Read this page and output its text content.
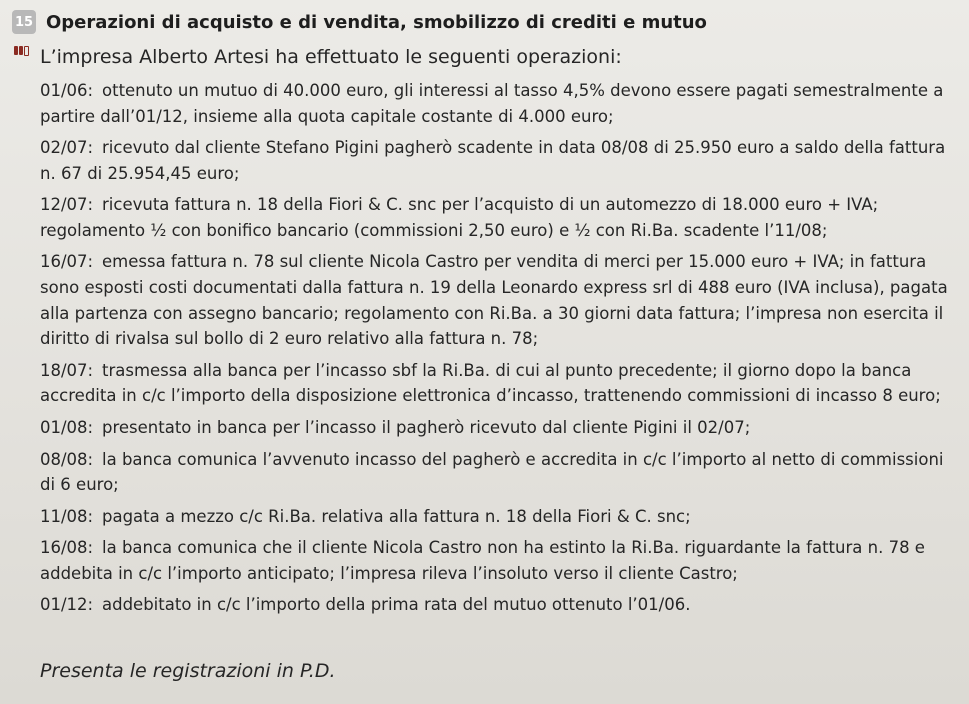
15 Operazioni di acquisto e di vendita, smobilizzo di crediti e mutuo
L’impresa Alberto Artesi ha effettuato le seguenti operazioni:
01/06: ottenuto un mutuo di 40.000 euro, gli interessi al tasso 4,5% devono essere pagati semestralmente a partire dall’01/12, insieme alla quota capitale costante di 4.000 euro;
02/07: ricevuto dal cliente Stefano Pigini pagherò scadente in data 08/08 di 25.950 euro a saldo della fattura n. 67 di 25.954,45 euro;
12/07: ricevuta fattura n. 18 della Fiori & C. snc per l’acquisto di un automezzo di 18.000 euro + IVA; regolamento ½ con bonifico bancario (commissioni 2,50 euro) e ½ con Ri.Ba. scadente l’11/08;
16/07: emessa fattura n. 78 sul cliente Nicola Castro per vendita di merci per 15.000 euro + IVA; in fattura sono esposti costi documentati dalla fattura n. 19 della Leonardo express srl di 488 euro (IVA inclusa), pagata alla partenza con assegno bancario; regolamento con Ri.Ba. a 30 giorni data fattura; l’impresa non esercita il diritto di rivalsa sul bollo di 2 euro relativo alla fattura n. 78;
18/07: trasmessa alla banca per l’incasso sbf la Ri.Ba. di cui al punto precedente; il giorno dopo la banca accredita in c/c l’importo della disposizione elettronica d’incasso, trattenendo commissioni di incasso 8 euro;
01/08: presentato in banca per l’incasso il pagherò ricevuto dal cliente Pigini il 02/07;
08/08: la banca comunica l’avvenuto incasso del pagherò e accredita in c/c l’importo al netto di commissioni di 6 euro;
11/08: pagata a mezzo c/c Ri.Ba. relativa alla fattura n. 18 della Fiori & C. snc;
16/08: la banca comunica che il cliente Nicola Castro non ha estinto la Ri.Ba. riguardante la fattura n. 78 e addebita in c/c l’importo anticipato; l’impresa rileva l’insoluto verso il cliente Castro;
01/12: addebitato in c/c l’importo della prima rata del mutuo ottenuto l’01/06.
Presenta le registrazioni in P.D.
